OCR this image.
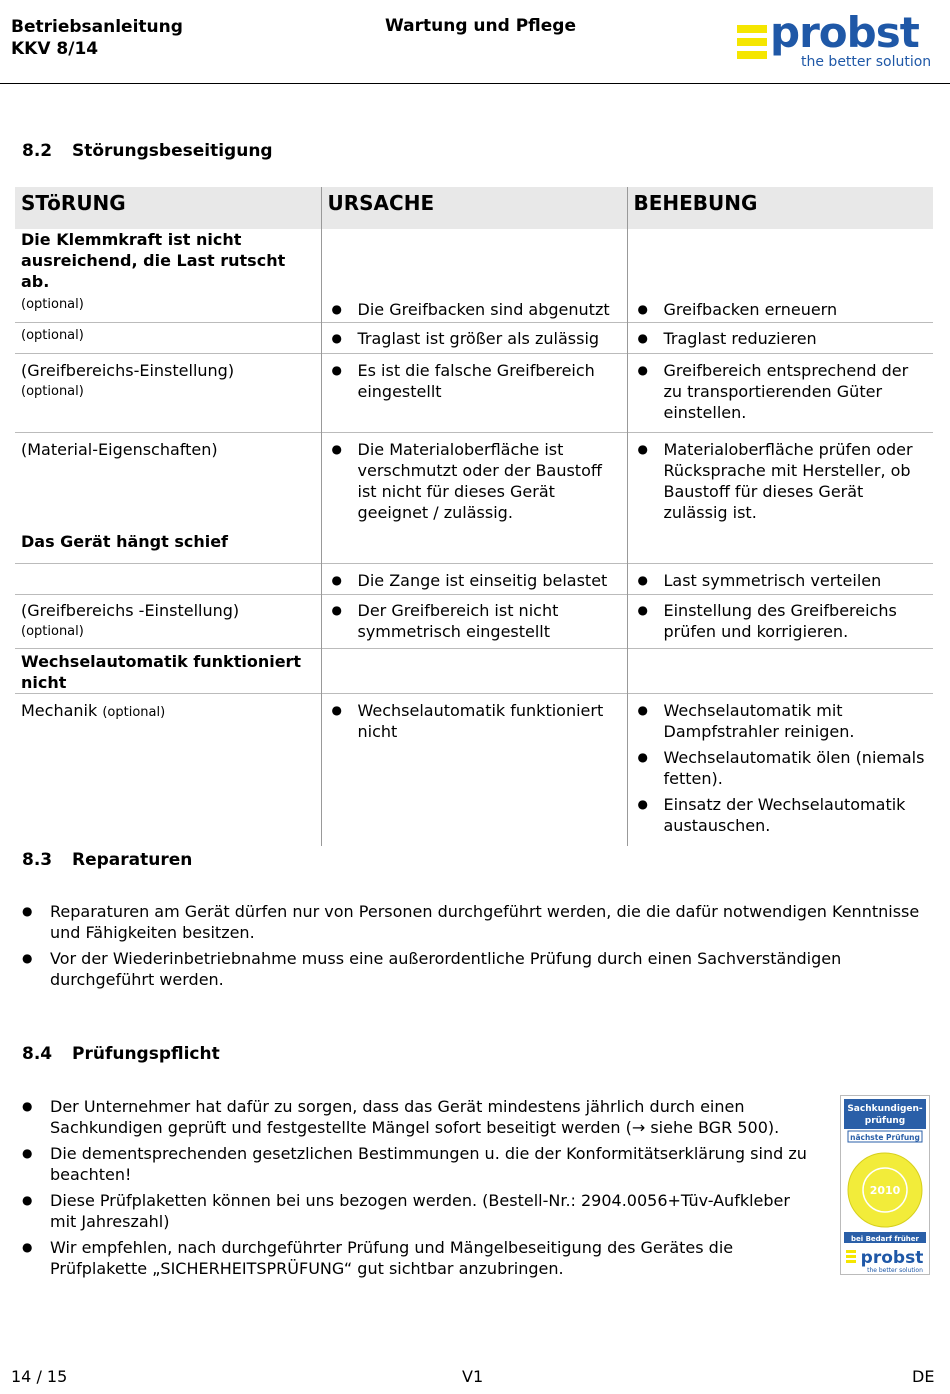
Betriebsanleitung
KKV 8/14
Wartung und Pflege	probst
the better solution
8.2 Störungsbeseitigung
STöRUNG	URSACHE	BEHEBUNG
Die Klemmkraft ist nicht ausreichend, die Last rutscht ab.		
(optional)	● Die Greifbacken sind abgenutzt	● Greifbacken erneuern

(optional)	● Traglast ist größer als zulässig	● Traglast reduzieren

(Greifbereichs-Einstellung)
(optional)	● Es ist die falsche Greifbereich eingestellt	● Greifbereich entsprechend der zu transportierenden Güter einstellen.

(Material-Eigenschaften)	● Die Materialoberfläche ist verschmutzt oder der Baustoff ist nicht für dieses Gerät geeignet / zulässig.	● Materialoberfläche prüfen oder Rücksprache mit Hersteller, ob Baustoff für dieses Gerät zulässig ist.

Das Gerät hängt schief		

	● Die Zange ist einseitig belastet	● Last symmetrisch verteilen

(Greifbereichs -Einstellung)
(optional)	● Der Greifbereich ist nicht symmetrisch eingestellt	● Einstellung des Greifbereichs prüfen und korrigieren.

Wechselautomatik funktioniert nicht		
Mechanik (optional)	● Wechselautomatik funktioniert nicht	● Wechselautomatik mit Dampfstrahler reinigen.
● Wechselautomatik ölen (niemals fetten).
● Einsatz der Wechselautomatik austauschen.
8.3 Reparaturen
● Reparaturen am Gerät dürfen nur von Personen durchgeführt werden, die die dafür notwendigen Kenntnisse und Fähigkeiten besitzen.
● Vor der Wiederinbetriebnahme muss eine außerordentliche Prüfung durch einen Sachverständigen durchgeführt werden.
8.4 Prüfungspflicht
● Der Unternehmer hat dafür zu sorgen, dass das Gerät mindestens jährlich durch einen Sachkundigen geprüft und festgestellte Mängel sofort beseitigt werden (→ siehe BGR 500).
● Die dementsprechenden gesetzlichen Bestimmungen u. die der Konformitätserklärung sind zu beachten!
● Diese Prüfplaketten können bei uns bezogen werden. (Bestell-Nr.: 2904.0056+Tüv-Aufkleber mit Jahreszahl)
● Wir empfehlen, nach durchgeführter Prüfung und Mängelbeseitigung des Gerätes die Prüfplakette „SICHERHEITSPRÜFUNG“ gut sichtbar anzubringen.
Sachkundigen-
prüfung
nächste Prüfung
2010
bei Bedarf früher
probst
the better solution
14 / 15	V1	DE
